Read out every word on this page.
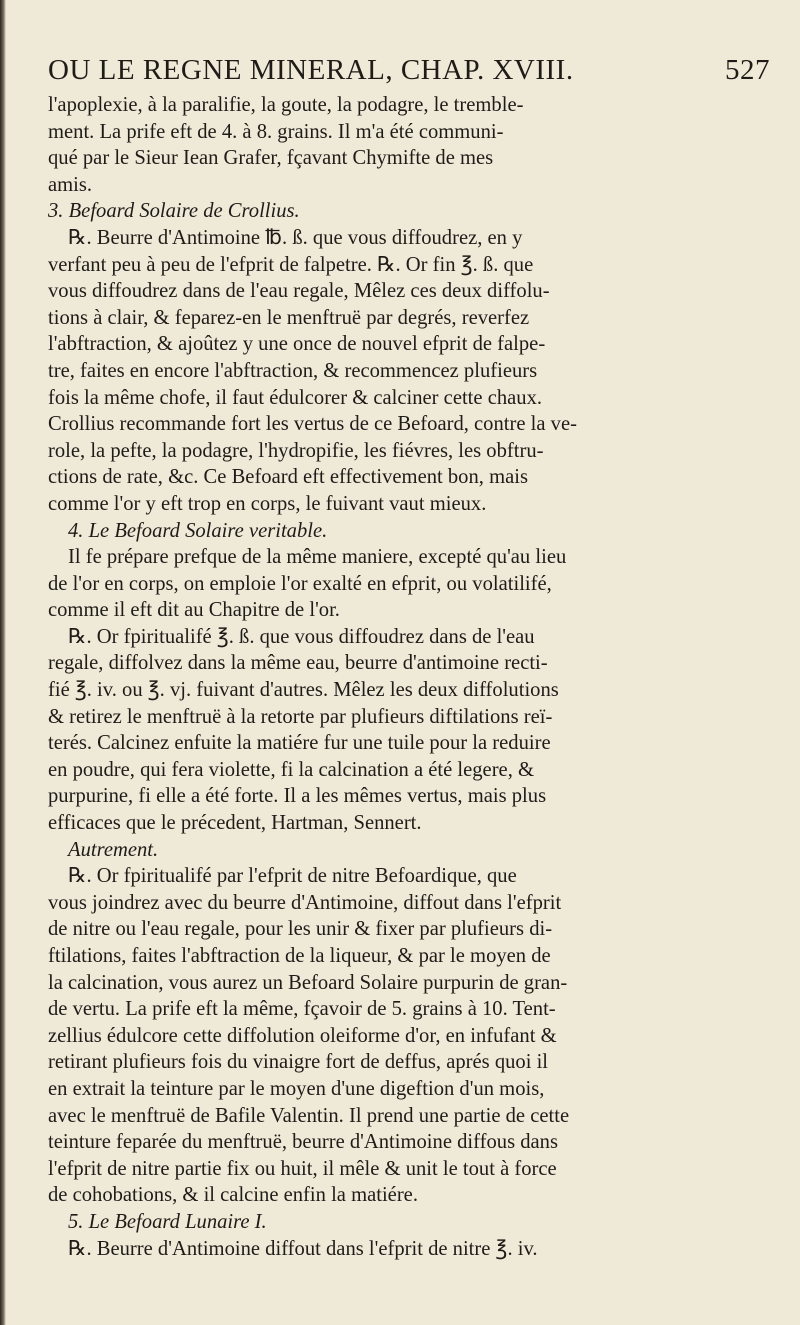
OU LE REGNE MINERAL, CHAP. XVIII.	527

l'apoplexie, à la paralifie, la goute, la podagre, le tremble-

ment. La prife eft de 4. à 8. grains. Il m'a été communi-

qué par le Sieur Iean Grafer, fçavant Chymifte de mes

amis.

3. Befoard Solaire de Crollius.

℞. Beurre d'Antimoine ℔. ß. que vous diffoudrez, en y

verfant peu à peu de l'efprit de falpetre. ℞. Or fin ℥. ß. que

vous diffoudrez dans de l'eau regale, Mêlez ces deux diffolu-

tions à clair, & feparez-en le menftruë par degrés, reverfez

l'abftraction, & ajoûtez y une once de nouvel efprit de falpe-

tre, faites en encore l'abftraction, & recommencez plufieurs

fois la même chofe, il faut édulcorer & calciner cette chaux.

Crollius recommande fort les vertus de ce Befoard, contre la ve-

role, la pefte, la podagre, l'hydropifie, les fiévres, les obftru-

ctions de rate, &c. Ce Befoard eft effectivement bon, mais

comme l'or y eft trop en corps, le fuivant vaut mieux.

4. Le Befoard Solaire veritable.

Il fe prépare prefque de la même maniere, excepté qu'au lieu

de l'or en corps, on emploie l'or exalté en efprit, ou volatilifé,

comme il eft dit au Chapitre de l'or.

℞. Or fpiritualifé ℥. ß. que vous diffoudrez dans de l'eau

regale, diffolvez dans la même eau, beurre d'antimoine recti-

fié ℥. iv. ou ℥. vj. fuivant d'autres. Mêlez les deux diffolutions

& retirez le menftruë à la retorte par plufieurs diftilations reï-

terés. Calcinez enfuite la matiére fur une tuile pour la reduire

en poudre, qui fera violette, fi la calcination a été legere, &

purpurine, fi elle a été forte. Il a les mêmes vertus, mais plus

efficaces que le précedent, Hartman, Sennert.

Autrement.

℞. Or fpiritualifé par l'efprit de nitre Befoardique, que

vous joindrez avec du beurre d'Antimoine, diffout dans l'efprit

de nitre ou l'eau regale, pour les unir & fixer par plufieurs di-

ftilations, faites l'abftraction de la liqueur, & par le moyen de

la calcination, vous aurez un Befoard Solaire purpurin de gran-

de vertu. La prife eft la même, fçavoir de 5. grains à 10. Tent-

zellius édulcore cette diffolution oleiforme d'or, en infufant &

retirant plufieurs fois du vinaigre fort de deffus, aprés quoi il

en extrait la teinture par le moyen d'une digeftion d'un mois,

avec le menftruë de Bafile Valentin. Il prend une partie de cette

teinture feparée du menftruë, beurre d'Antimoine diffous dans

l'efprit de nitre partie fix ou huit, il mêle & unit le tout à force

de cohobations, & il calcine enfin la matiére.

5. Le Befoard Lunaire I.

℞. Beurre d'Antimoine diffout dans l'efprit de nitre ℥. iv.
